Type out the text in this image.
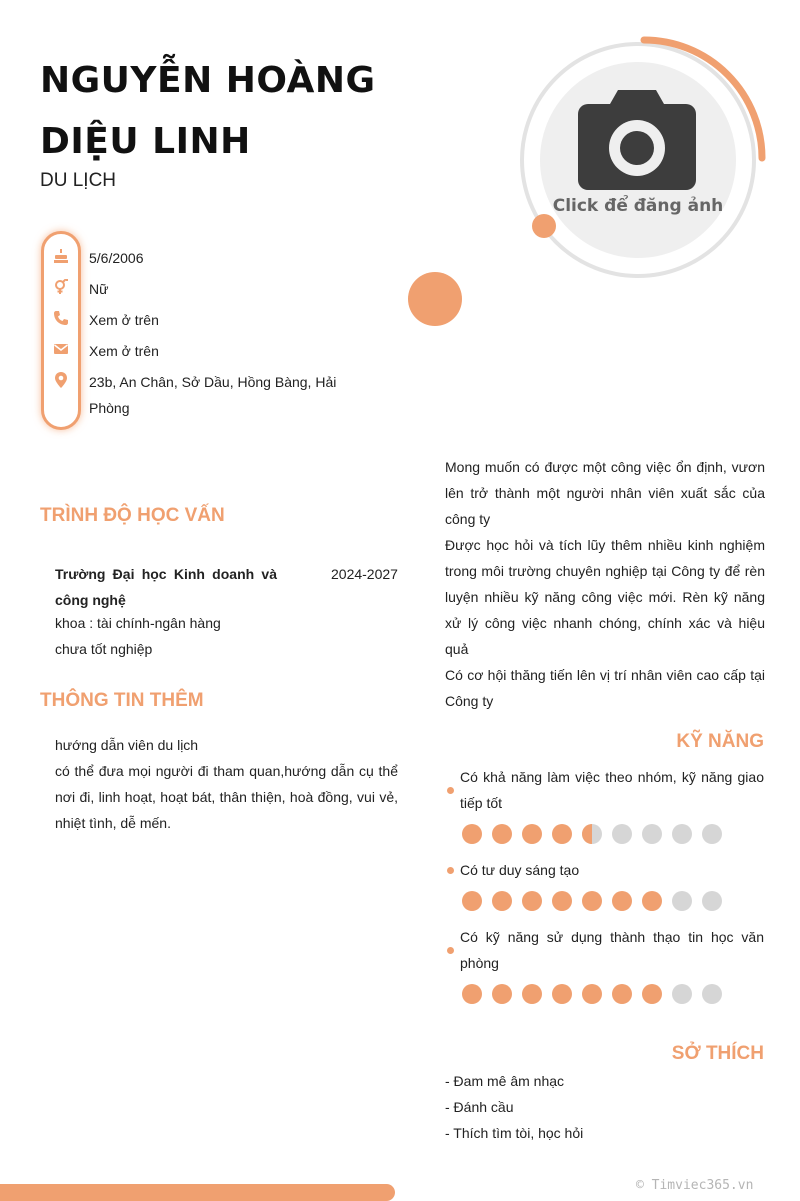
NGUYỄN HOÀNG DIỆU LINH
DU LỊCH
Click để đăng ảnh
5/6/2006
Nữ
Xem ở trên
Xem ở trên
23b, An Chân, Sở Dầu, Hồng Bàng, Hải Phòng
Mong muốn có được một công việc ổn định, vươn lên trở thành một người nhân viên xuất sắc của công ty
Được học hỏi và tích lũy thêm nhiều kinh nghiệm trong môi trường chuyên nghiệp tại Công ty để rèn luyện nhiều kỹ năng công việc mới. Rèn kỹ năng xử lý công việc nhanh chóng, chính xác và hiệu quả
Có cơ hội thăng tiến lên vị trí nhân viên cao cấp tại Công ty
TRÌNH ĐỘ HỌC VẤN
Trường Đại học Kinh doanh và công nghệ
2024-2027
khoa : tài chính-ngân hàng
chưa tốt nghiệp
THÔNG TIN THÊM
hướng dẫn viên du lịch
có thể đưa mọi người đi tham quan,hướng dẫn cụ thể nơi đi, linh hoạt, hoạt bát, thân thiện, hoà đồng, vui vẻ, nhiệt tình, dễ mến.
KỸ NĂNG
Có khả năng làm việc theo nhóm, kỹ năng giao tiếp tốt
Có tư duy sáng tạo
Có kỹ năng sử dụng thành thạo tin học văn phòng
SỞ THÍCH
- Đam mê âm nhạc
- Đánh cầu
- Thích tìm tòi, học hỏi
© Timviec365.vn
